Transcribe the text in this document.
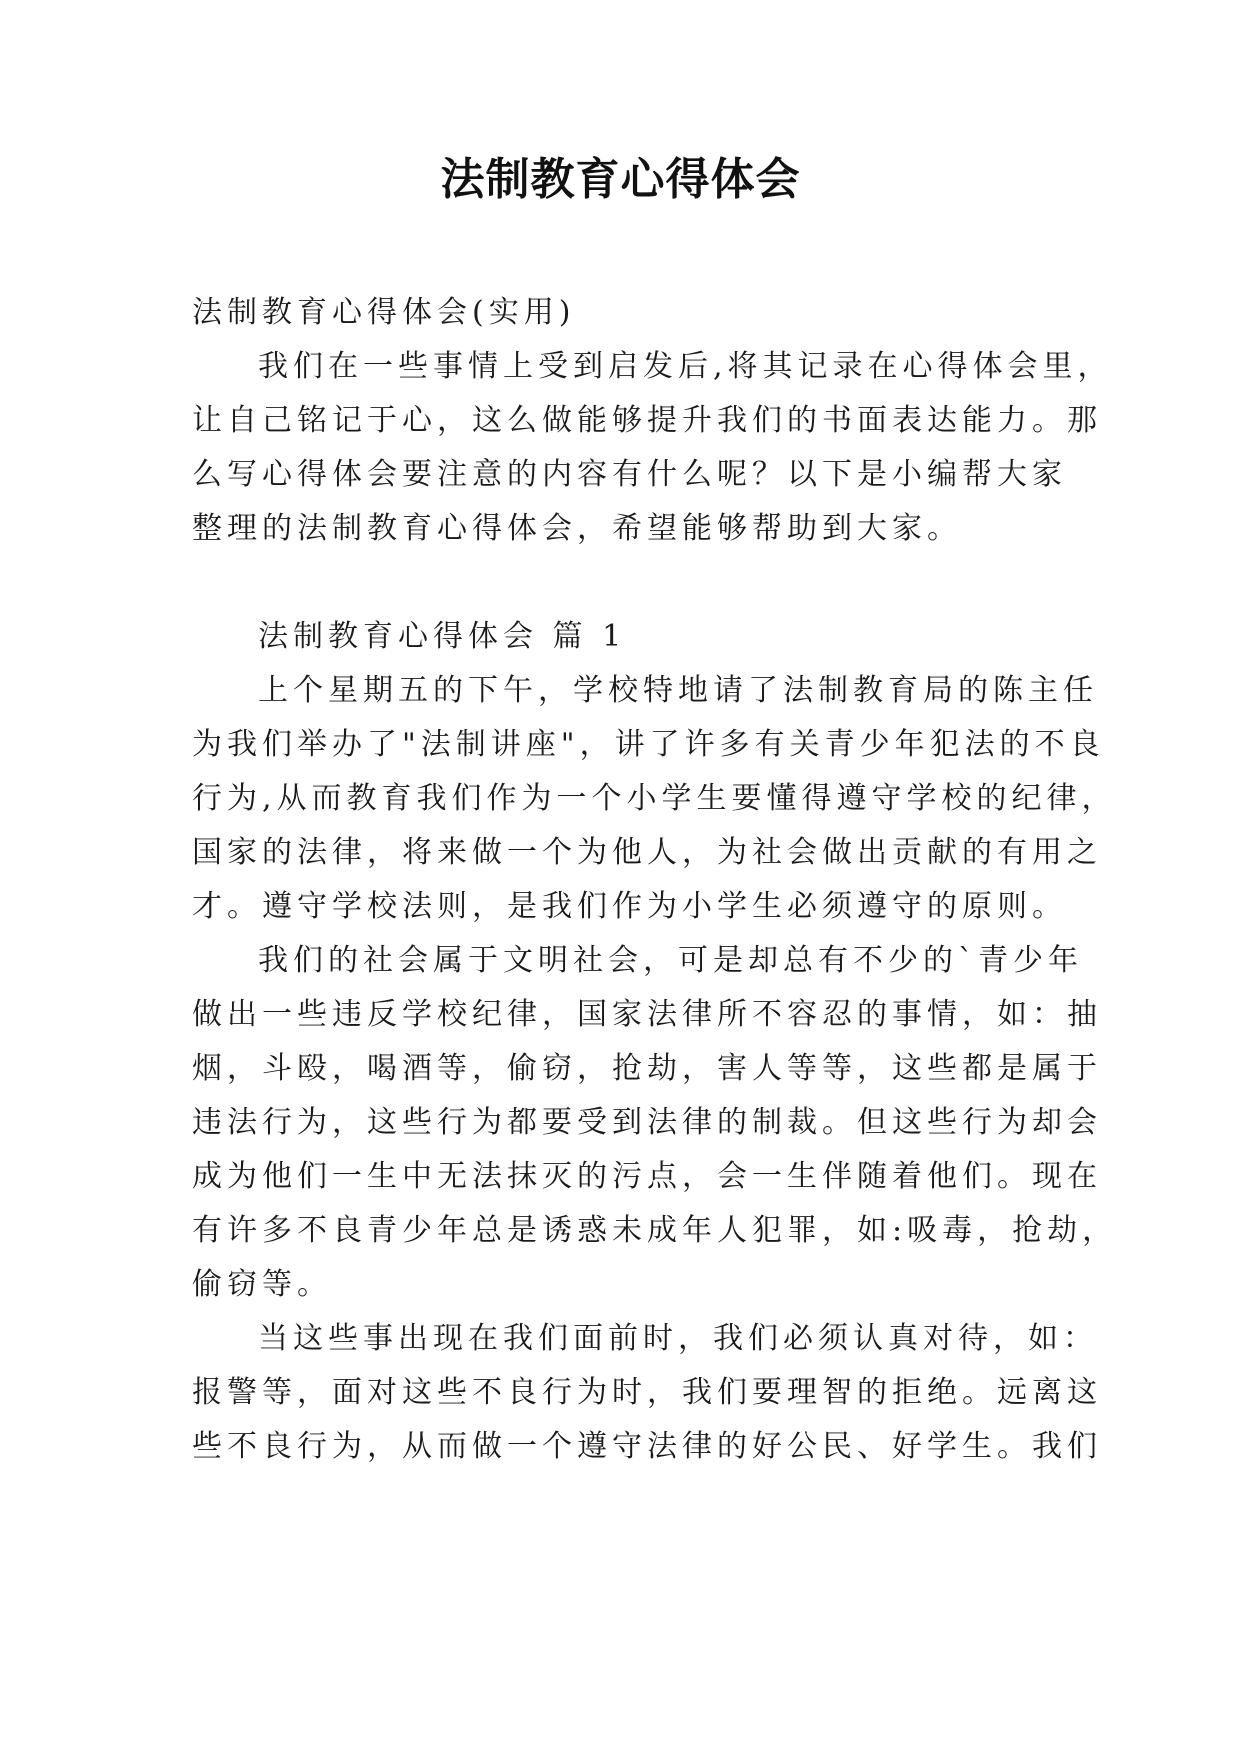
法制教育心得体会
法制教育心得体会(实用)
我们在一些事情上受到启发后,将其记录在心得体会里，
让自己铭记于心，这么做能够提升我们的书面表达能力。那
么写心得体会要注意的内容有什么呢？以下是小编帮大家
整理的法制教育心得体会，希望能够帮助到大家。
法制教育心得体会 篇 1
上个星期五的下午，学校特地请了法制教育局的陈主任
为我们举办了"法制讲座"，讲了许多有关青少年犯法的不良
行为,从而教育我们作为一个小学生要懂得遵守学校的纪律，
国家的法律，将来做一个为他人，为社会做出贡献的有用之
才。遵守学校法则，是我们作为小学生必须遵守的原则。
我们的社会属于文明社会，可是却总有不少的`青少年
做出一些违反学校纪律，国家法律所不容忍的事情，如：抽
烟，斗殴，喝酒等，偷窃，抢劫，害人等等，这些都是属于
违法行为，这些行为都要受到法律的制裁。但这些行为却会
成为他们一生中无法抹灭的污点，会一生伴随着他们。现在
有许多不良青少年总是诱惑未成年人犯罪，如:吸毒，抢劫，
偷窃等。
当这些事出现在我们面前时，我们必须认真对待，如：
报警等，面对这些不良行为时，我们要理智的拒绝。远离这
些不良行为，从而做一个遵守法律的好公民、好学生。我们
